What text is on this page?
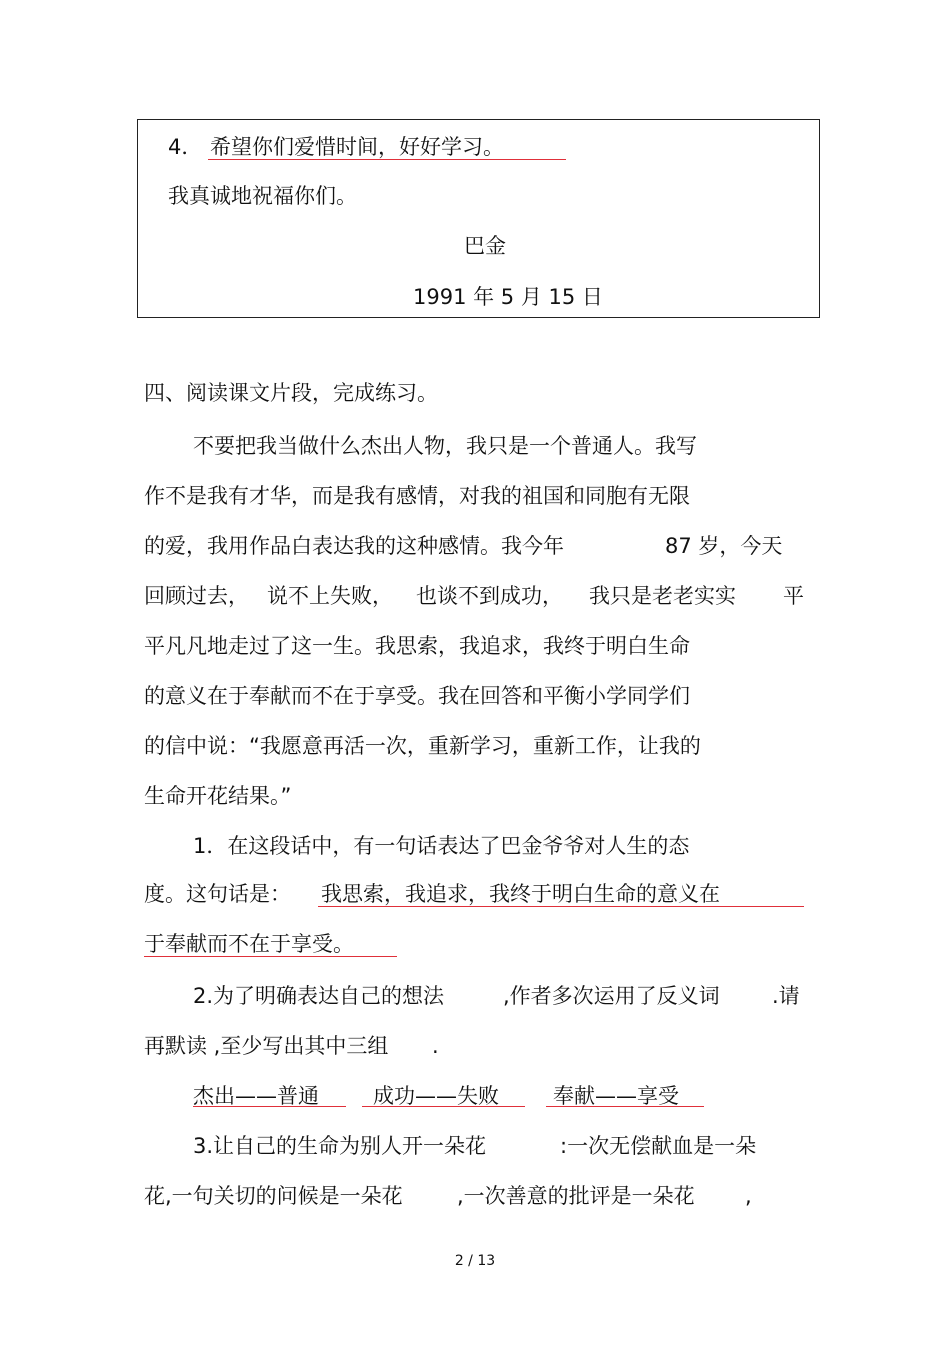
4． 希望你们爱惜时间，好好学习。
我真诚地祝福你们。
巴金
1991 年 5 月 15 日
四、阅读课文片段，完成练习。
不要把我当做什么杰出人物，我只是一个普通人。我写
作不是我有才华，而是我有感情，对我的祖国和同胞有无限
的爱，我用作品白表达我的这种感情。我今年	87 岁，今天
回顾过去， 说不上失败， 也谈不到成功， 我只是老老实实 平
平凡凡地走过了这一生。我思索，我追求，我终于明白生命
的意义在于奉献而不在于享受。我在回答和平衡小学同学们
的信中说：“我愿意再活一次，重新学习，重新工作，让我的
生命开花结果。”
1．在这段话中，有一句话表达了巴金爷爷对人生的态
度。这句话是： 我思索，我追求，我终于明白生命的意义在
于奉献而不在于享受。
2.为了明确表达自己的想法	,作者多次运用了反义词 .请
再默读 ,至少写出其中三组 .
杰出——普通	成功——失败	奉献——享受
3.让自己的生命为别人开一朵花	:一次无偿献血是一朵
花,一句关切的问候是一朵花	,一次善意的批评是一朵花 ,
2 / 13
